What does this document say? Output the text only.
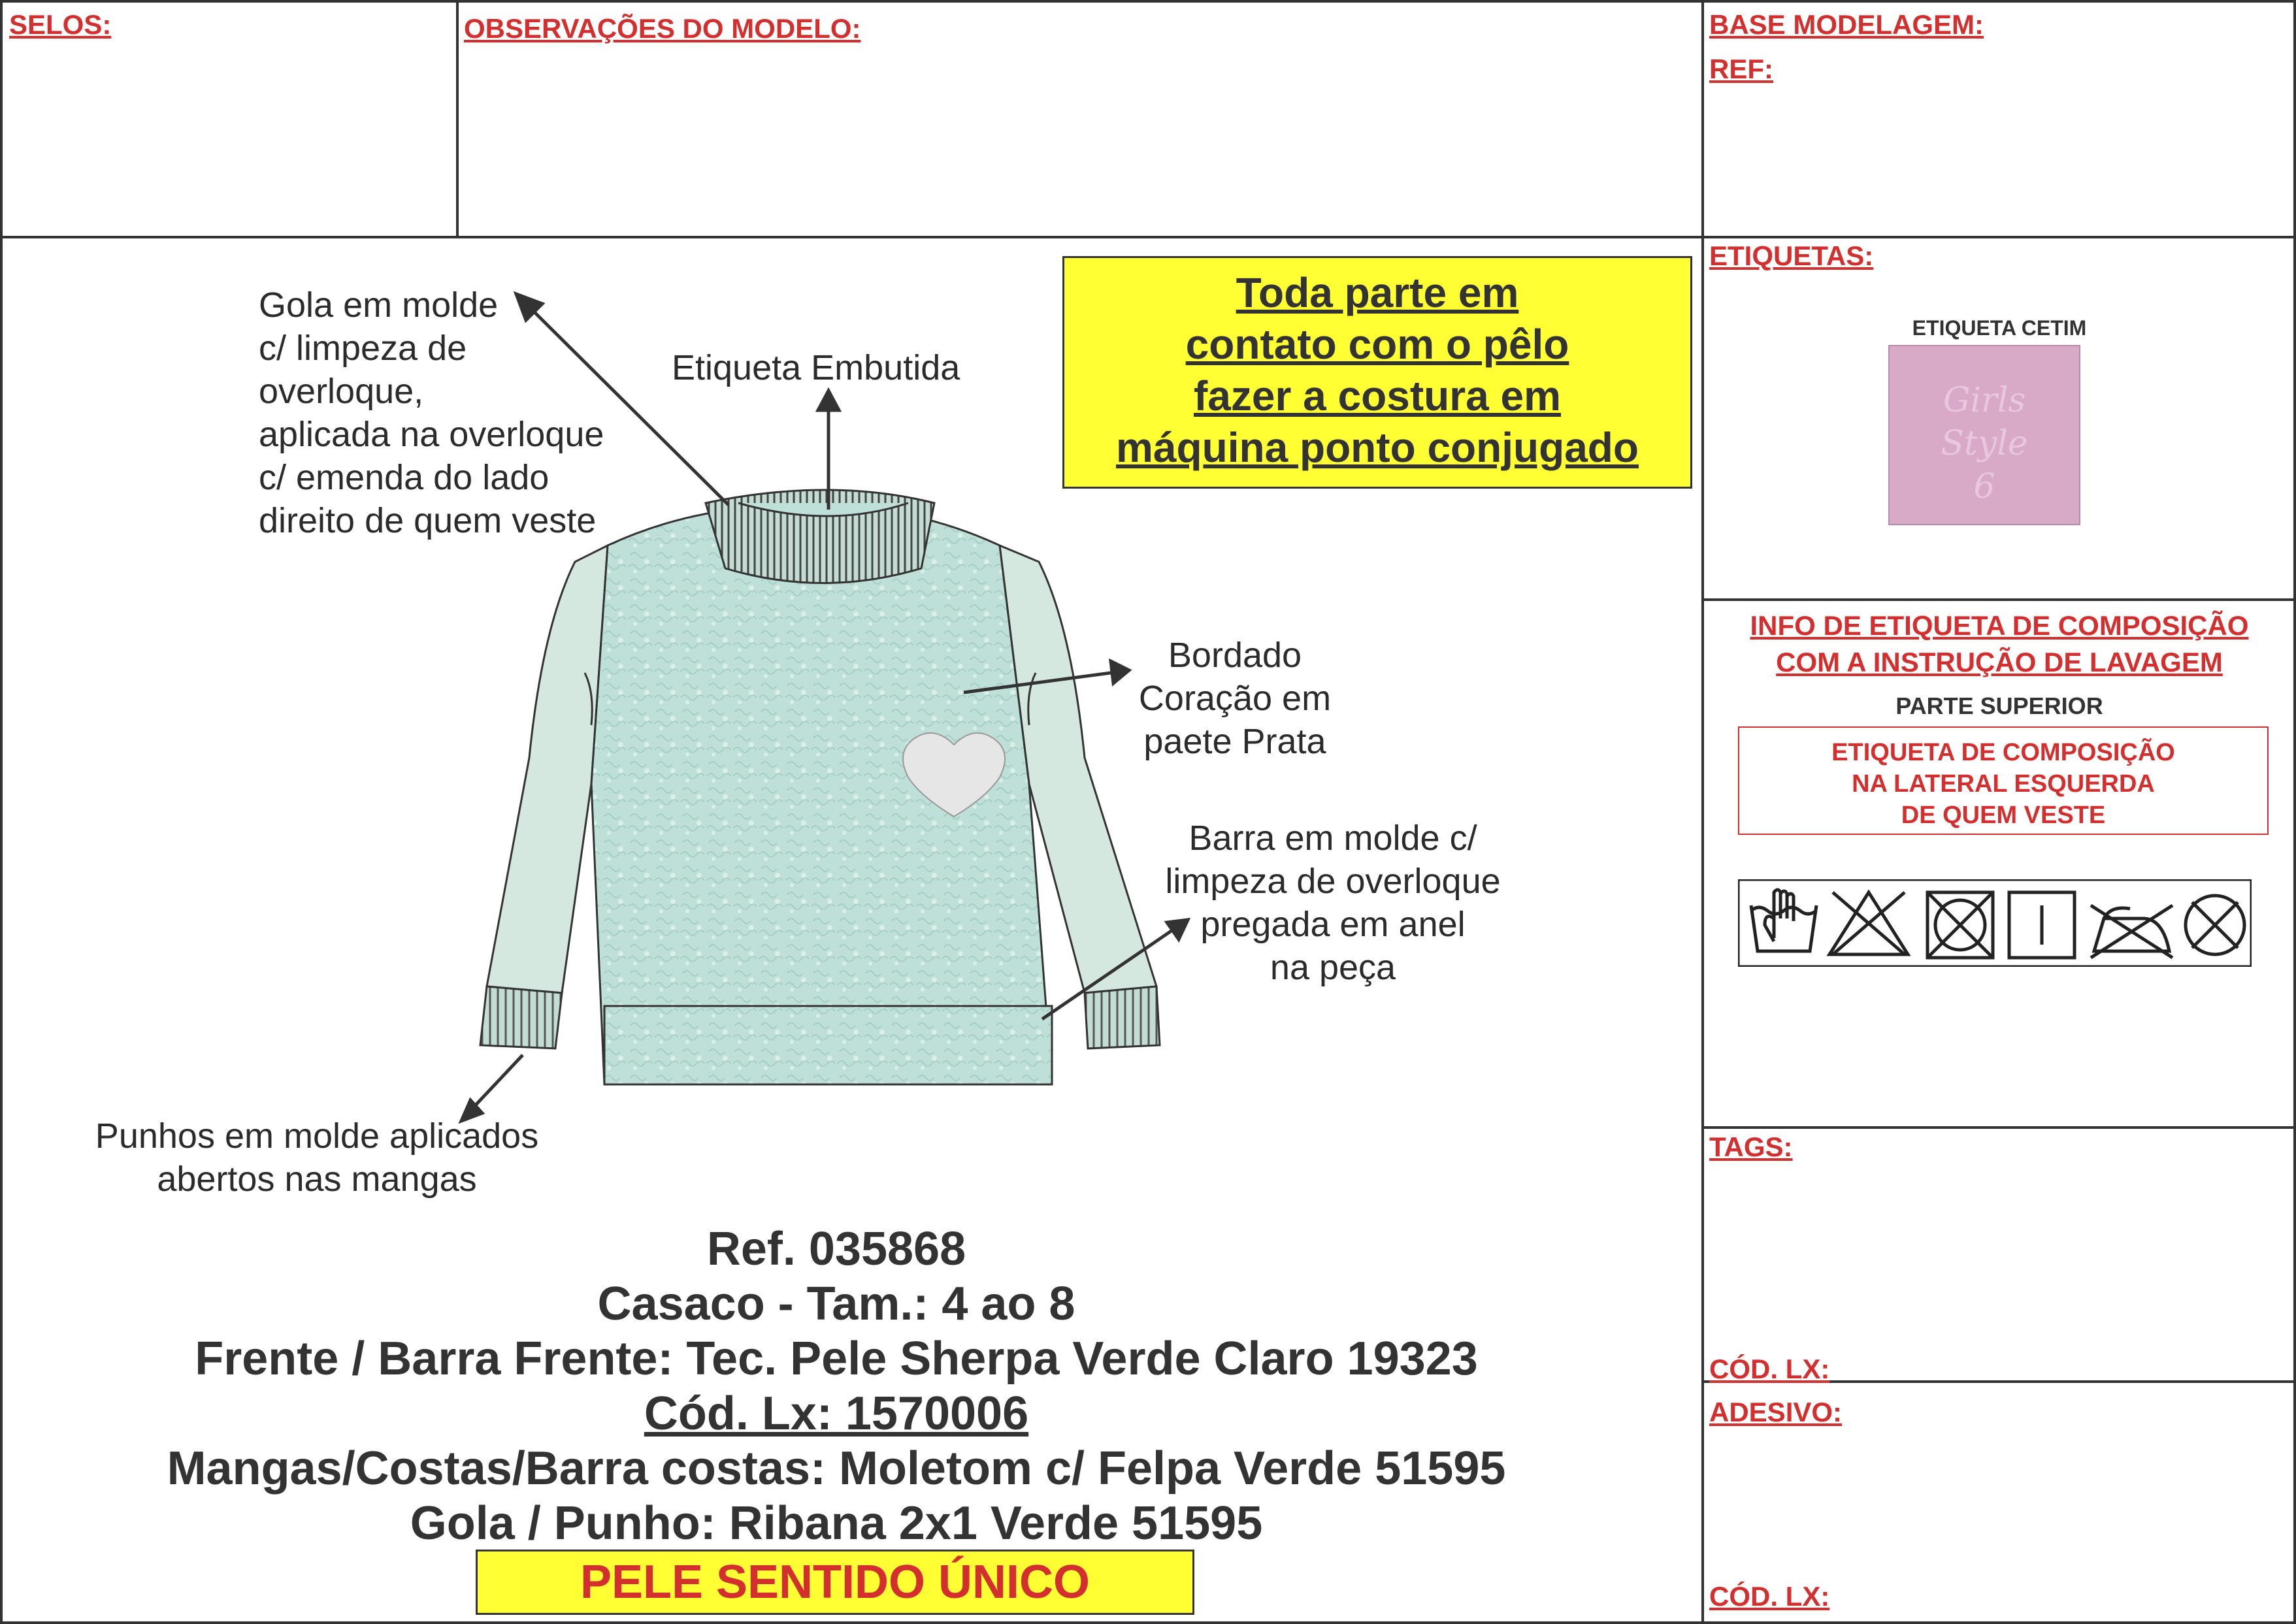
SELOS:	OBSERVAÇÕES DO MODELO:	BASE MODELAGEM:
REF:
ETIQUETAS:
TAGS:
CÓD. LX:
ADESIVO:
CÓD. LX:
Toda parte em
contato com o pêlo
fazer a costura em
máquina ponto conjugado
Gola em molde
c/ limpeza de
overloque,
aplicada na overloque
c/ emenda do lado
direito de quem veste
Etiqueta Embutida
Bordado
Coração em
paete Prata
Barra em molde c/
limpeza de overloque
pregada em anel
na peça
Punhos em molde aplicados
abertos nas mangas
Ref. 035868
Casaco - Tam.: 4 ao 8
Frente / Barra Frente: Tec. Pele Sherpa Verde Claro 19323
Cód. Lx: 1570006
Mangas/Costas/Barra costas: Moletom c/ Felpa Verde 51595
Gola / Punho: Ribana 2x1 Verde 51595
PELE SENTIDO ÚNICO
ETIQUETA CETIM
Girls
Style
6
INFO DE ETIQUETA DE COMPOSIÇÃO
COM A INSTRUÇÃO DE LAVAGEM
PARTE SUPERIOR
ETIQUETA DE COMPOSIÇÃO
NA LATERAL ESQUERDA
DE QUEM VESTE
